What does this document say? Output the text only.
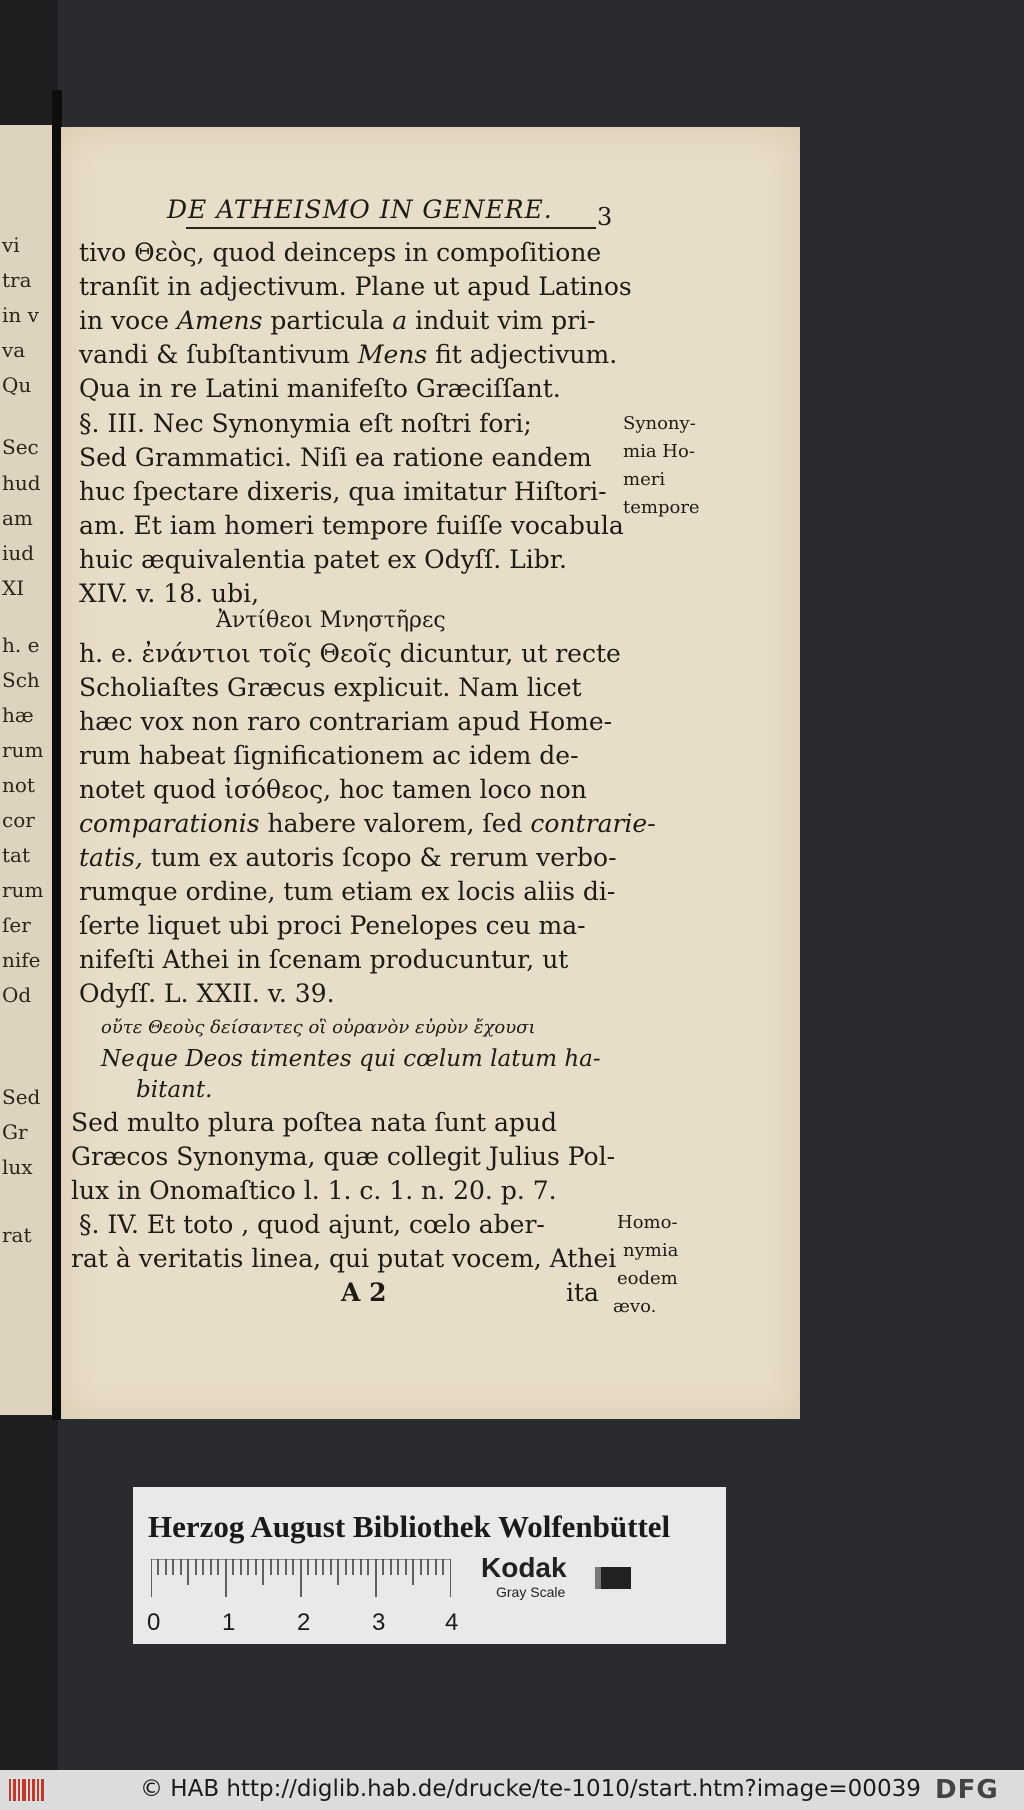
vi
tra
in v
va
Qu
Sec
hud
am
iud
XI
h. e
Sch
hæ
rum
not
cor
tat
rum
ſer
nife
Od
Sed
Gr
lux
rat
DE ATHEISMO IN GENERE.	3
tivo Θεὸς, quod deinceps in compoſitione
tranſit in adjectivum. Plane ut apud Latinos
in voce Amens particula a induit vim pri-
vandi & ſubſtantivum Mens fit adjectivum.
Qua in re Latini manifeſto Græciſſant.
§. III. Nec Synonymia eſt noſtri fori;
Sed Grammatici. Niſi ea ratione eandem
huc ſpectare dixeris, qua imitatur Hiſtori-
am. Et iam homeri tempore fuiſſe vocabula
huic æquivalentia patet ex Odyſſ. Libr.
XIV. v. 18. ubi,
Ἀντίθεοι Μνηστῆρες
h. e. ἐνάντιοι τοῖς Θεοῖς dicuntur, ut recte
Scholiaſtes Græcus explicuit. Nam licet
hæc vox non raro contrariam apud Home-
rum habeat ſignificationem ac idem de-
notet quod ἰσόθεος, hoc tamen loco non
comparationis habere valorem, ſed contrarie-
tatis, tum ex autoris ſcopo & rerum verbo-
rumque ordine, tum etiam ex locis aliis di-
ſerte liquet ubi proci Penelopes ceu ma-
nifeſti Athei in ſcenam producuntur, ut
Odyſſ. L. XXII. v. 39.
οὔτε Θεοὺς δείσαντες οἳ οὐρανὸν εὐρὺν ἔχουσι
Neque Deos timentes qui cœlum latum ha-
bitant.
Sed multo plura poſtea nata ſunt apud
Græcos Synonyma, quæ collegit Julius Pol-
lux in Onomaſtico l. 1. c. 1. n. 20. p. 7.
§. IV. Et toto , quod ajunt, cœlo aber-
rat à veritatis linea, qui putat vocem, Athei
A 2	ita
Synony-
mia Ho-
meri
tempore
Homo-
nymia
eodem
ævo.
Herzog August Bibliothek Wolfenbüttel
Kodak
Gray Scale
0	1	2	3 4
© HAB http://diglib.hab.de/drucke/te-1010/start.htm?image=00039 DFG
